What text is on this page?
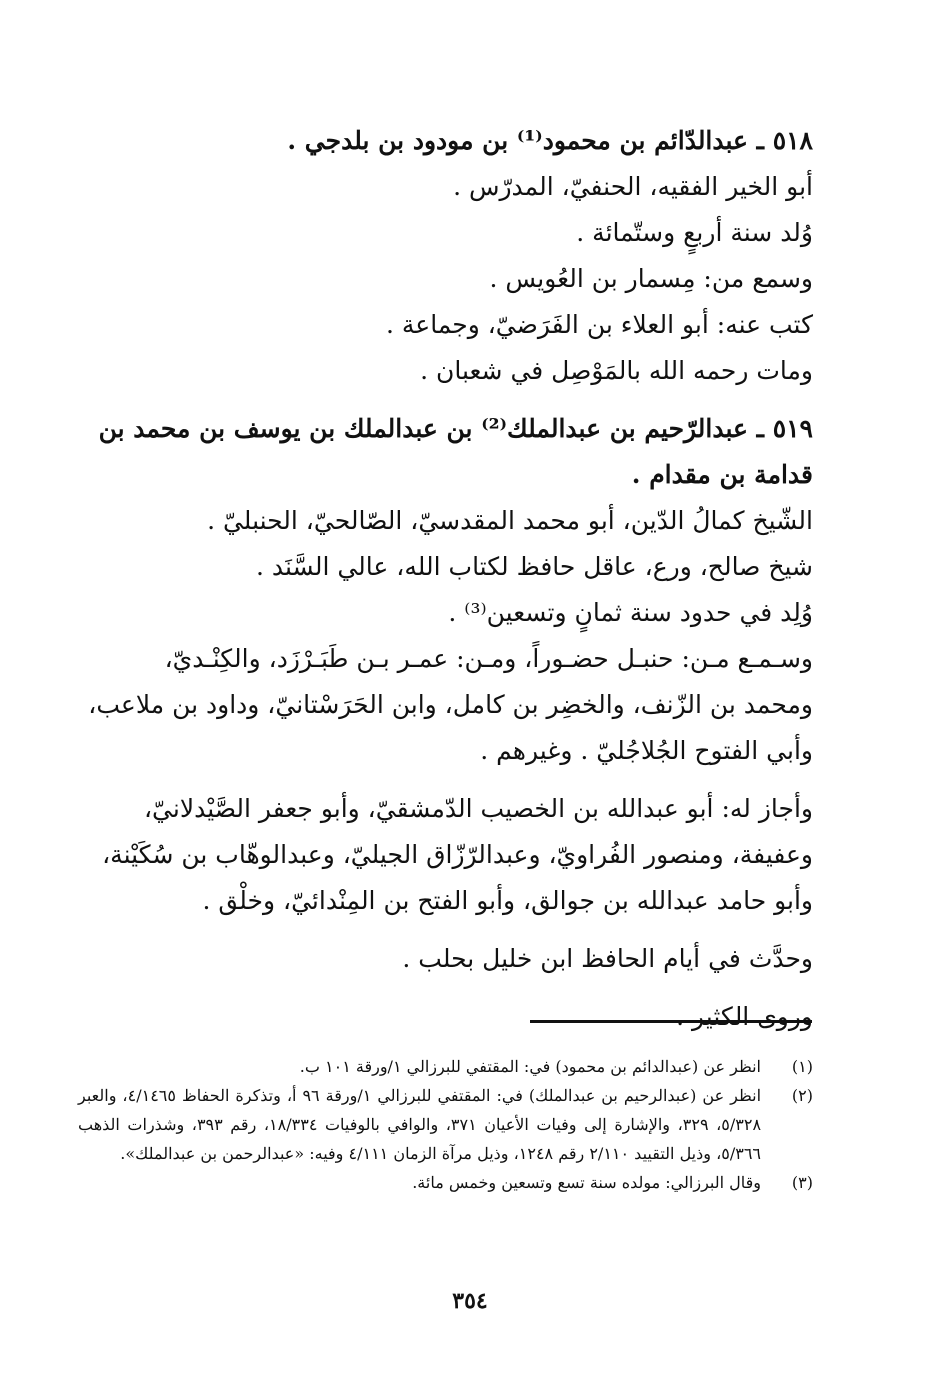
٥١٨ ـ عبدالدّائم بن محمود⁽¹⁾ بن مودود بن بلدجي .
أبو الخير الفقيه، الحنفيّ، المدرّس .
وُلد سنة أربعٍ وستّمائة .
وسمع من: مِسمار بن العُويس .
كتب عنه: أبو العلاء بن الفَرَضيّ، وجماعة .
ومات رحمه الله بالمَوْصِل في شعبان .
٥١٩ ـ عبدالرّحيم بن عبدالملك⁽²⁾ بن عبدالملك بن يوسف بن محمد بن
قدامة بن مقدام .
الشّيخ كمالُ الدّين، أبو محمد المقدسيّ، الصّالحيّ، الحنبليّ .
شيخ صالح، ورع، عاقل حافظ لكتاب الله، عالي السَّنَد .
وُلِد في حدود سنة ثمانٍ وتسعين⁽³⁾ .
وسـمـع مـن: حنبـل حضـوراً، ومـن: عمـر بـن طَبَـرْزَد، والكِنْـديّ،
ومحمد بن الزّنف، والخضِر بن كامل، وابن الحَرَسْتانيّ، وداود بن ملاعب،
وأبي الفتوح الجُلاجُليّ . وغيرهم .
وأجاز له: أبو عبدالله بن الخصيب الدّمشقيّ، وأبو جعفر الصَّيْدلانيّ،
وعفيفة، ومنصور الفُراويّ، وعبدالرّزّاق الجيليّ، وعبدالوهّاب بن سُكَيْنة،
وأبو حامد عبدالله بن جوالق، وأبو الفتح بن المِنْدائيّ، وخلْق .
وحدَّث في أيام الحافظ ابن خليل بحلب .
وروى الكثير .
(١)
انظر عن (عبدالدائم بن محمود) في: المقتفي للبرزالي ١/ورقة ١٠١ ب.
(٢)
انظر عن (عبدالرحيم بن عبدالملك) في: المقتفي للبرزالي ١/ورقة ٩٦ أ، وتذكرة الحفاظ ٤/١٤٦٥، والعبر ٥/٣٢٨، ٣٢٩، والإشارة إلى وفيات الأعيان ٣٧١، والوافي بالوفيات ١٨/٣٣٤، رقم ٣٩٣، وشذرات الذهب ٥/٣٦٦، وذيل التقييد ٢/١١٠ رقم ١٢٤٨، وذيل مرآة الزمان ٤/١١١ وفيه: «عبدالرحمن بن عبدالملك».
(٣)
وقال البرزالي: مولده سنة تسع وتسعين وخمس مائة.
٣٥٤
